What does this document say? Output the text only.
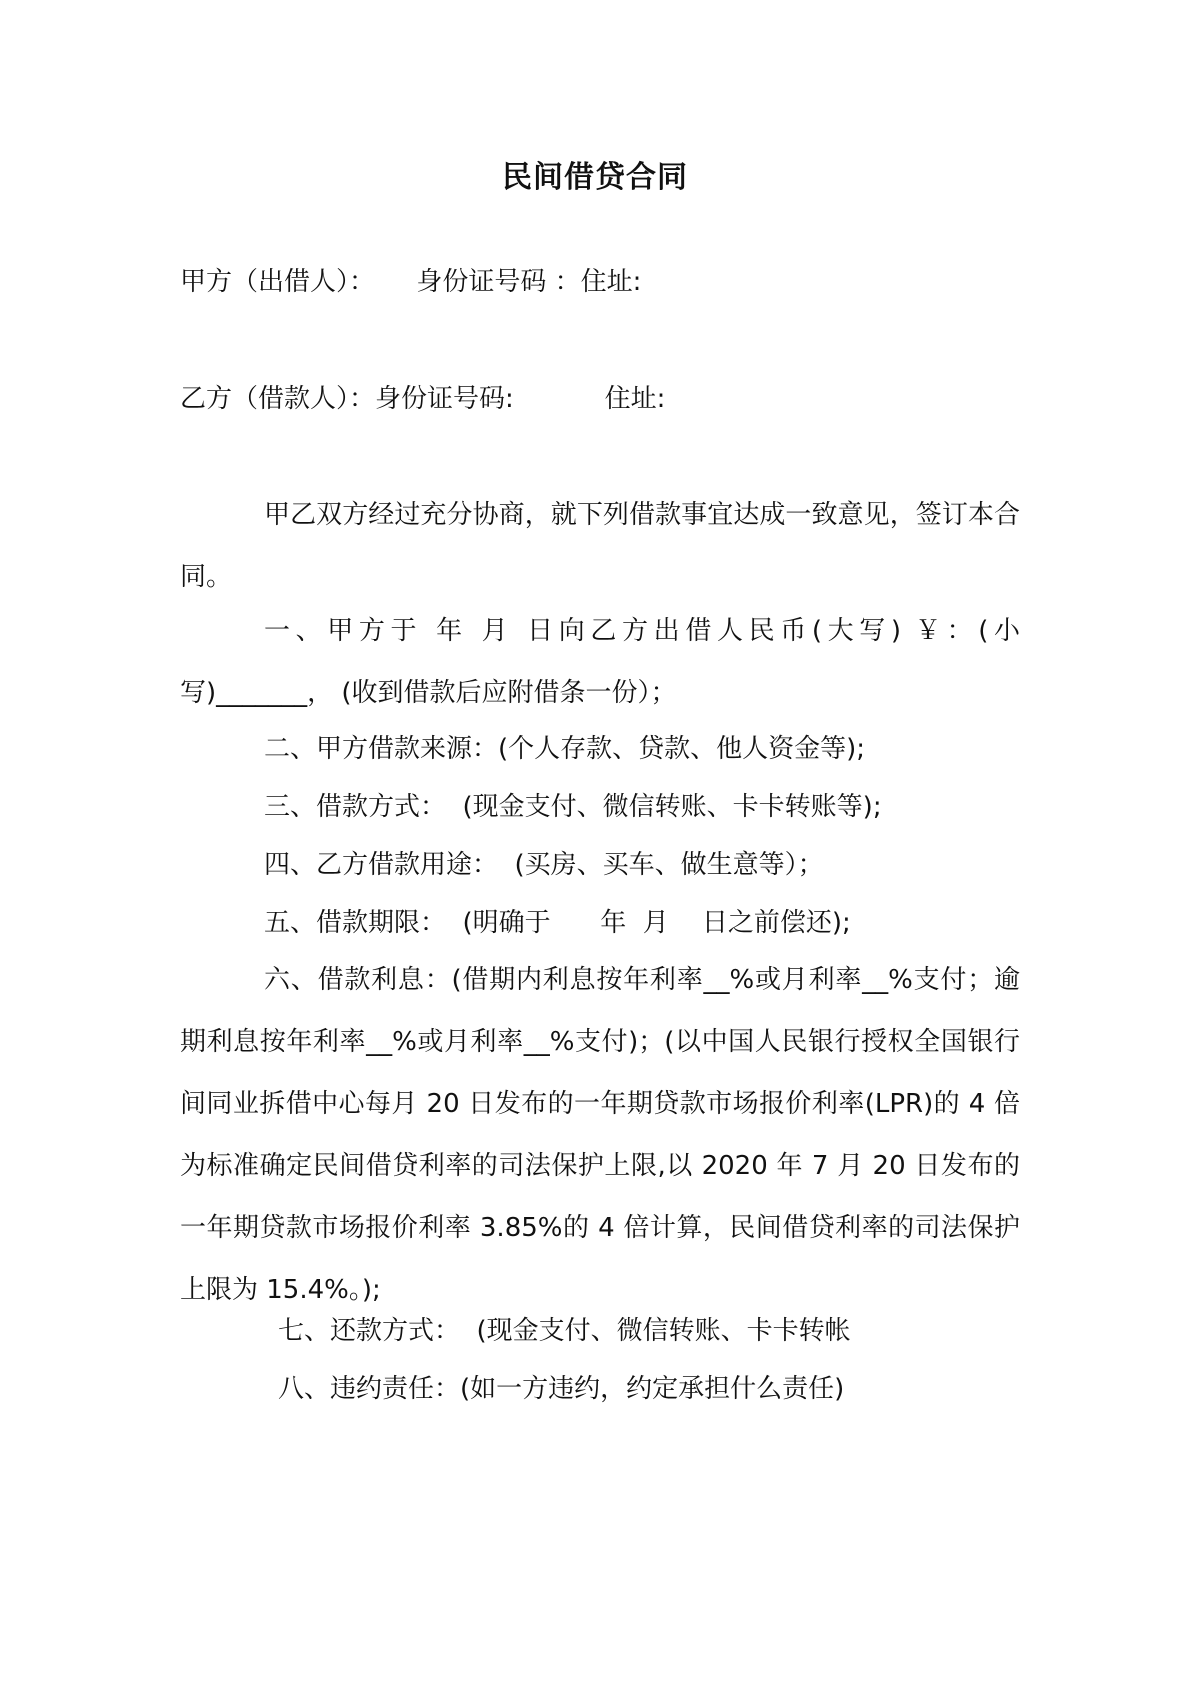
民间借贷合同

甲方（出借人）：     身份证号码 ：住址:

乙方（借款人）：身份证号码:           住址:

甲乙双方经过充分协商，就下列借款事宜达成一致意见，签订本合同。

一、甲方于 年 月 日向乙方出借人民币(大写) ￥：(小写)_______， (收到借款后应附借条一份）；

二、甲方借款来源：(个人存款、贷款、他人资金等);

三、借款方式：  (现金支付、微信转账、卡卡转账等);

四、乙方借款用途：  (买房、买车、做生意等）；

五、借款期限：  (明确于      年  月    日之前偿还);

六、借款利息：(借期内利息按年利率__%或月利率__%支付；逾期利息按年利率__%或月利率__%支付)；(以中国人民银行授权全国银行间同业拆借中心每月 20 日发布的一年期贷款市场报价利率(LPR)的 4 倍为标准确定民间借贷利率的司法保护上限,以 2020 年 7 月 20 日发布的一年期贷款市场报价利率 3.85%的 4 倍计算，民间借贷利率的司法保护上限为 15.4%。);

七、还款方式：  (现金支付、微信转账、卡卡转帐

八、违约责任：(如一方违约，约定承担什么责任)
